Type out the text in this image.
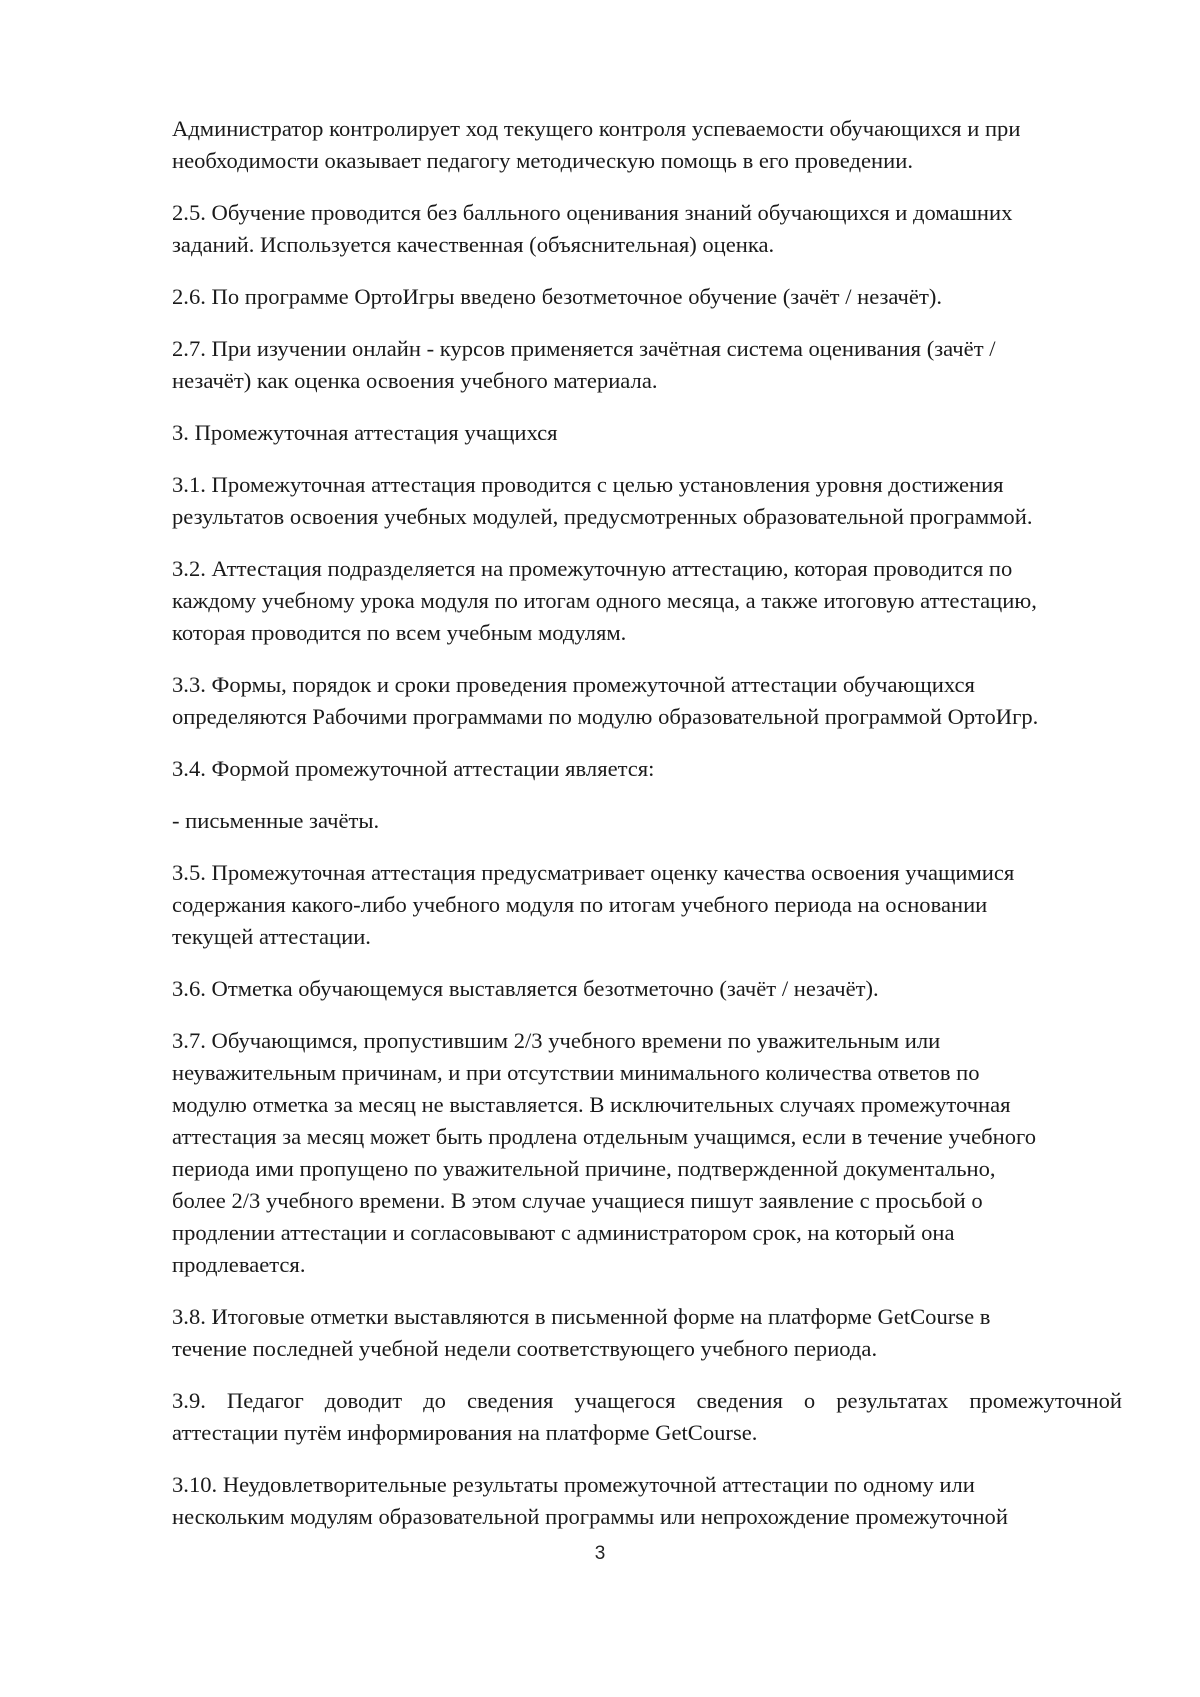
Администратор контролирует ход текущего контроля успеваемости обучающихся и при
необходимости оказывает педагогу методическую помощь в его проведении.
2.5. Обучение проводится без балльного оценивания знаний обучающихся и домашних
заданий. Используется качественная (объяснительная) оценка.
2.6. По программе ОртоИгры введено безотметочное обучение (зачёт / незачёт).
2.7. При изучении онлайн - курсов применяется зачётная система оценивания (зачёт /
незачёт) как оценка освоения учебного материала.
3. Промежуточная аттестация учащихся
3.1. Промежуточная аттестация проводится с целью установления уровня достижения
результатов освоения учебных модулей, предусмотренных образовательной программой.
3.2. Аттестация подразделяется на промежуточную аттестацию, которая проводится по
каждому учебному урока модуля по итогам одного месяца, а также итоговую аттестацию,
которая проводится по всем учебным модулям.
3.3. Формы, порядок и сроки проведения промежуточной аттестации обучающихся
определяются Рабочими программами по модулю образовательной программой ОртоИгр.
3.4. Формой промежуточной аттестации является:
- письменные зачёты.
3.5. Промежуточная аттестация предусматривает оценку качества освоения учащимися
содержания какого-либо учебного модуля по итогам учебного периода на основании
текущей аттестации.
3.6. Отметка обучающемуся выставляется безотметочно (зачёт / незачёт).
3.7. Обучающимся, пропустившим 2/3 учебного времени по уважительным или
неуважительным причинам, и при отсутствии минимального количества ответов по
модулю отметка за месяц не выставляется. В исключительных случаях промежуточная
аттестация за месяц может быть продлена отдельным учащимся, если в течение учебного
периода ими пропущено по уважительной причине, подтвержденной документально,
более 2/3 учебного времени. В этом случае учащиеся пишут заявление с просьбой о
продлении аттестации и согласовывают с администратором срок, на который она
продлевается.
3.8. Итоговые отметки выставляются в письменной форме на платформе GetCourse в
течение последней учебной недели соответствующего учебного периода.
3.9. Педагог доводит до сведения учащегося сведения о результатах промежуточной
аттестации путём информирования на платформе GetCourse.
3.10. Неудовлетворительные результаты промежуточной аттестации по одному или
нескольким модулям образовательной программы или непрохождение промежуточной
3
